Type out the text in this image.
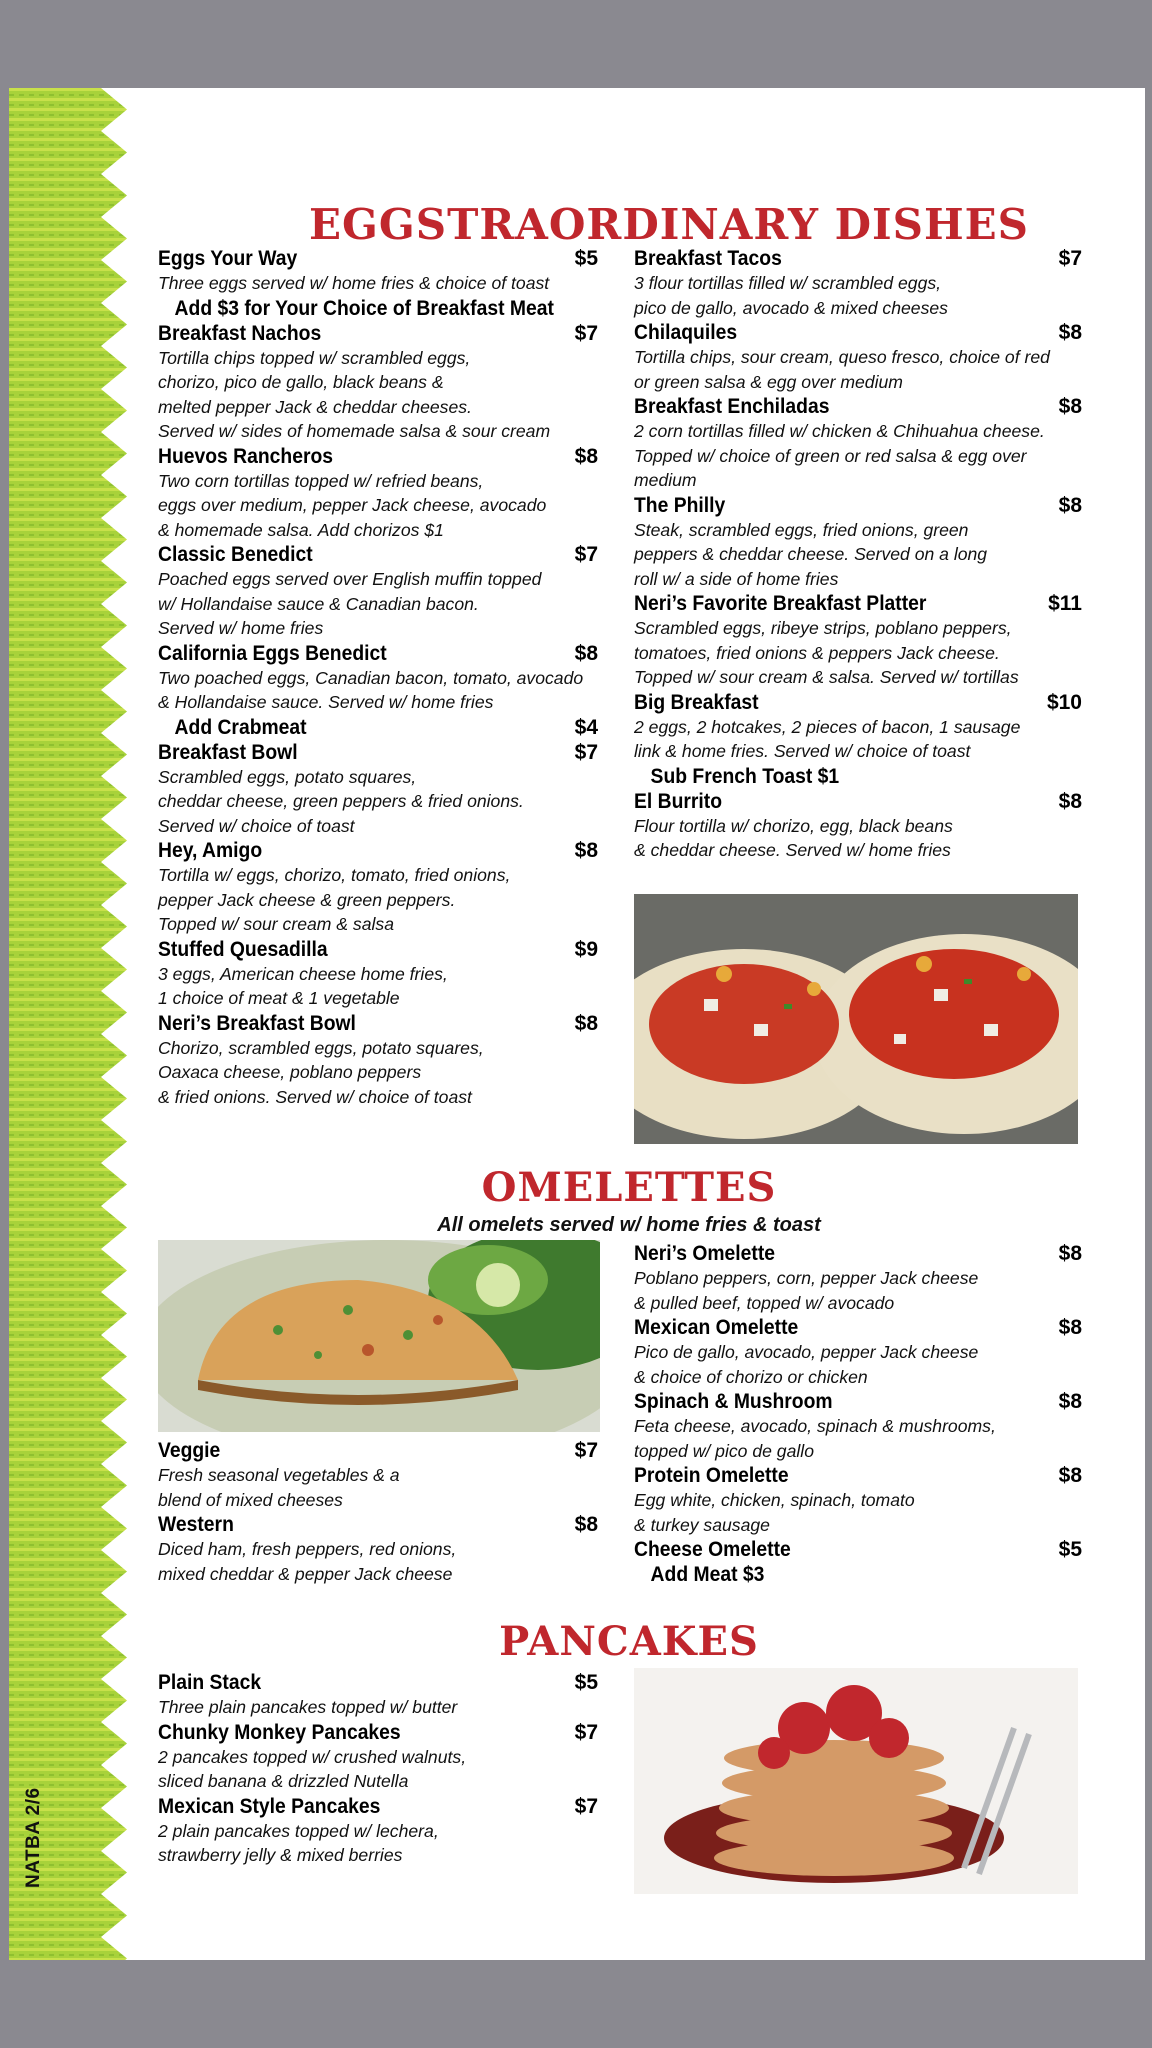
NATBA 2/6
EGGSTRAORDINARY DISHES
Eggs Your Way	$5
Three eggs served w/ home fries & choice of toast
Add $3 for Your Choice of Breakfast Meat
Breakfast Nachos	$7
Tortilla chips topped w/ scrambled eggs,
chorizo, pico de gallo, black beans &
melted pepper Jack & cheddar cheeses.
Served w/ sides of homemade salsa & sour cream
Huevos Rancheros	$8
Two corn tortillas topped w/ refried beans,
eggs over medium, pepper Jack cheese, avocado
& homemade salsa. Add chorizos $1
Classic Benedict	$7
Poached eggs served over English muffin topped
w/ Hollandaise sauce & Canadian bacon.
Served w/ home fries
California Eggs Benedict	$8
Two poached eggs, Canadian bacon, tomato, avocado
& Hollandaise sauce. Served w/ home fries
Add Crabmeat	$4
Breakfast Bowl	$7
Scrambled eggs, potato squares,
cheddar cheese, green peppers & fried onions.
Served w/ choice of toast
Hey, Amigo	$8
Tortilla w/ eggs, chorizo, tomato, fried onions,
pepper Jack cheese & green peppers.
Topped w/ sour cream & salsa
Stuffed Quesadilla	$9
3 eggs, American cheese home fries,
1 choice of meat & 1 vegetable
Neri’s Breakfast Bowl	$8
Chorizo, scrambled eggs, potato squares,
Oaxaca cheese, poblano peppers
& fried onions. Served w/ choice of toast
Breakfast Tacos	$7
3 flour tortillas filled w/ scrambled eggs,
pico de gallo, avocado & mixed cheeses
Chilaquiles	$8
Tortilla chips, sour cream, queso fresco, choice of red
or green salsa & egg over medium
Breakfast Enchiladas	$8
2 corn tortillas filled w/ chicken & Chihuahua cheese.
Topped w/ choice of green or red salsa & egg over
medium
The Philly	$8
Steak, scrambled eggs, fried onions, green
peppers & cheddar cheese. Served on a long
roll w/ a side of home fries
Neri’s Favorite Breakfast Platter	$11
Scrambled eggs, ribeye strips, poblano peppers,
tomatoes, fried onions & peppers Jack cheese.
Topped w/ sour cream & salsa. Served w/ tortillas
Big Breakfast	$10
2 eggs, 2 hotcakes, 2 pieces of bacon, 1 sausage
link & home fries. Served w/ choice of toast
Sub French Toast $1
El Burrito	$8
Flour tortilla w/ chorizo, egg, black beans
& cheddar cheese. Served w/ home fries
OMELETTES

All omelets served w/ home fries & toast

Veggie	$7
Fresh seasonal vegetables & a
blend of mixed cheeses
Western	$8
Diced ham, fresh peppers, red onions,
mixed cheddar & pepper Jack cheese
Neri’s Omelette	$8
Poblano peppers, corn, pepper Jack cheese
& pulled beef, topped w/ avocado
Mexican Omelette	$8
Pico de gallo, avocado, pepper Jack cheese
& choice of chorizo or chicken
Spinach & Mushroom	$8
Feta cheese, avocado, spinach & mushrooms,
topped w/ pico de gallo
Protein Omelette	$8
Egg white, chicken, spinach, tomato
& turkey sausage
Cheese Omelette	$5
Add Meat $3
PANCAKES
Plain Stack	$5
Three plain pancakes topped w/ butter
Chunky Monkey Pancakes	$7
2 pancakes topped w/ crushed walnuts,
sliced banana & drizzled Nutella
Mexican Style Pancakes	$7
2 plain pancakes topped w/ lechera,
strawberry jelly & mixed berries
